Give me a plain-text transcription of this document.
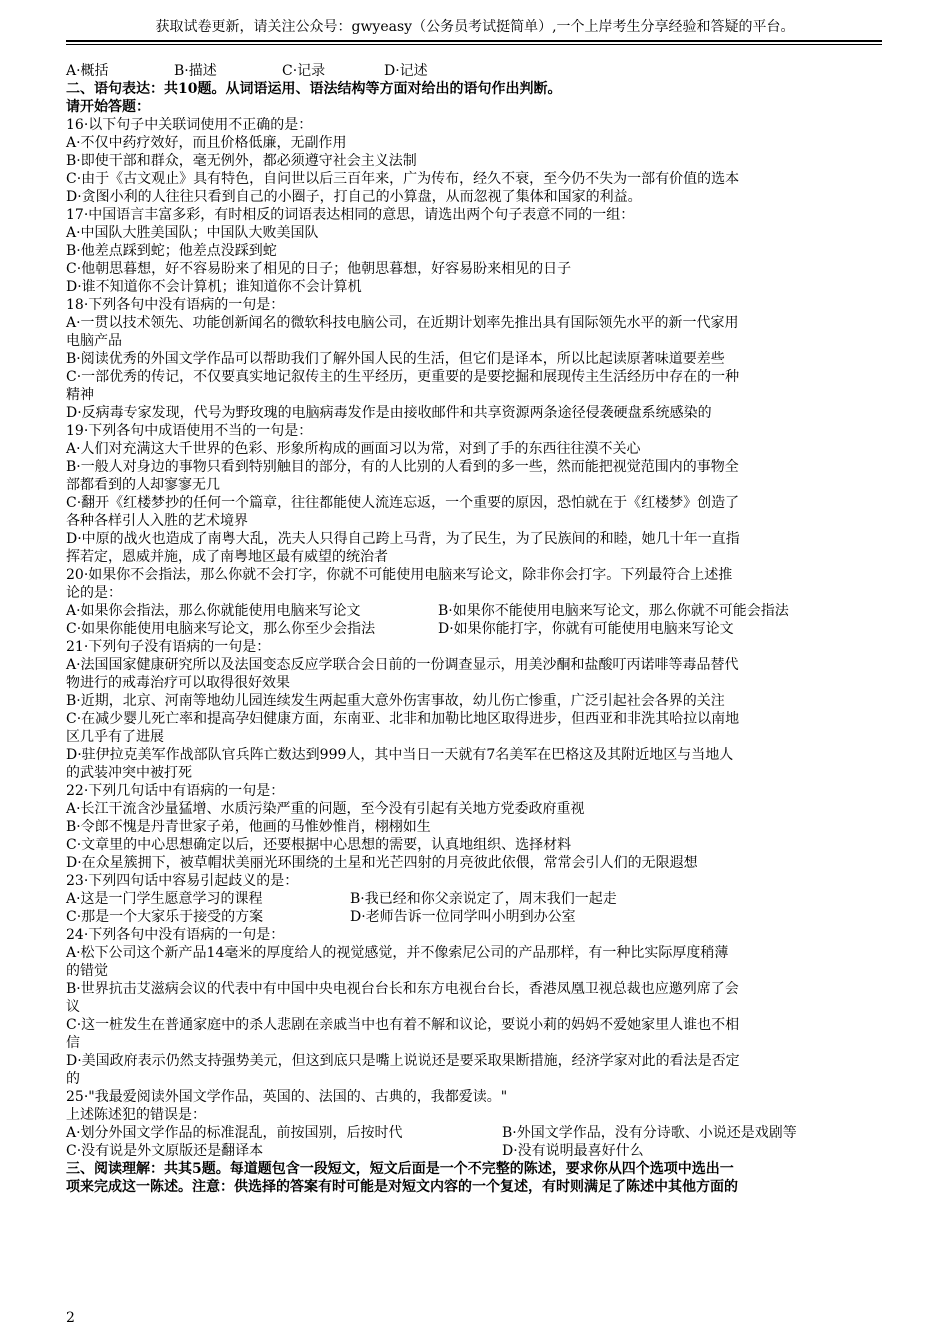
获取试卷更新，请关注公众号：gwyeasy（公务员考试挺简单）,一个上岸考生分享经验和答疑的平台。
A·概括	B·描述	C·记录	D·记述
二、语句表达：共10题。从词语运用、语法结构等方面对给出的语句作出判断。
请开始答题：
16·以下句子中关联词使用不正确的是：
A·不仅中药疗效好，而且价格低廉，无副作用
B·即使干部和群众，毫无例外，都必须遵守社会主义法制
C·由于《古文观止》具有特色，自问世以后三百年来，广为传布，经久不衰，至今仍不失为一部有价值的选本
D·贪图小利的人往往只看到自己的小圈子，打自己的小算盘，从而忽视了集体和国家的利益。
17·中国语言丰富多彩，有时相反的词语表达相同的意思，请选出两个句子表意不同的一组：
A·中国队大胜美国队；中国队大败美国队
B·他差点踩到蛇；他差点没踩到蛇
C·他朝思暮想，好不容易盼来了相见的日子；他朝思暮想，好容易盼来相见的日子
D·谁不知道你不会计算机；谁知道你不会计算机
18·下列各句中没有语病的一句是：
A·一贯以技术领先、功能创新闻名的微软科技电脑公司，在近期计划率先推出具有国际领先水平的新一代家用
电脑产品
B·阅读优秀的外国文学作品可以帮助我们了解外国人民的生活，但它们是译本，所以比起读原著味道要差些
C·一部优秀的传记，不仅要真实地记叙传主的生平经历，更重要的是要挖掘和展现传主生活经历中存在的一种
精神
D·反病毒专家发现，代号为野玫瑰的电脑病毒发作是由接收邮件和共享资源两条途径侵袭硬盘系统感染的
19·下列各句中成语使用不当的一句是：
A·人们对充满这大千世界的色彩、形象所构成的画面习以为常，对到了手的东西往往漠不关心
B·一般人对身边的事物只看到特别触目的部分，有的人比别的人看到的多一些，然而能把视觉范围内的事物全
部都看到的人却寥寥无几
C·翻开《红楼梦抄的任何一个篇章，往往都能使人流连忘返，一个重要的原因，恐怕就在于《红楼梦》创造了
各种各样引人入胜的艺术境界
D·中原的战火也造成了南粤大乱，冼夫人只得自己跨上马背，为了民生，为了民族间的和睦，她几十年一直指
挥若定，恩威并施，成了南粤地区最有威望的统治者
20·如果你不会指法，那么你就不会打字，你就不可能使用电脑来写论文，除非你会打字。下列最符合上述推
论的是：
A·如果你会指法，那么你就能使用电脑来写论文	B·如果你不能使用电脑来写论文，那么你就不可能会指法
C·如果你能使用电脑来写论文，那么你至少会指法	D·如果你能打字，你就有可能使用电脑来写论文
21·下列句子没有语病的一句是：
A·法国国家健康研究所以及法国变态反应学联合会日前的一份调查显示，用美沙酮和盐酸叮丙诺啡等毒品替代
物进行的戒毒治疗可以取得很好效果
B·近期，北京、河南等地幼儿园连续发生两起重大意外伤害事故，幼儿伤亡惨重，广泛引起社会各界的关注
C·在减少婴儿死亡率和提高孕妇健康方面，东南亚、北非和加勒比地区取得进步，但西亚和非洗其哈拉以南地
区几乎有了进展
D·驻伊拉克美军作战部队官兵阵亡数达到999人，其中当日一天就有7名美军在巴格这及其附近地区与当地人
的武装冲突中被打死
22·下列几句话中有语病的一句是：
A·长江干流含沙量猛增、水质污染严重的问题，至今没有引起有关地方党委政府重视
B·令郎不愧是丹青世家子弟，他画的马惟妙惟肖，栩栩如生
C·文章里的中心思想确定以后，还要根据中心思想的需要，认真地组织、选择材料
D·在众星簇拥下，被草帽状美丽光环围绕的土星和光芒四射的月亮彼此依偎，常常会引人们的无限遐想
23·下列四句话中容易引起歧义的是：
A·这是一门学生愿意学习的课程	B·我已经和你父亲说定了，周末我们一起走
C·那是一个大家乐于接受的方案	D·老师告诉一位同学叫小明到办公室
24·下列各句中没有语病的一句是：
A·松下公司这个新产品14毫米的厚度给人的视觉感觉，并不像索尼公司的产品那样，有一种比实际厚度稍薄
的错觉
B·世界抗击艾滋病会议的代表中有中国中央电视台台长和东方电视台台长，香港凤凰卫视总裁也应邀列席了会
议
C·这一桩发生在普通家庭中的杀人悲剧在亲戚当中也有着不解和议论，要说小莉的妈妈不爱她家里人谁也不相
信
D·美国政府表示仍然支持强势美元，但这到底只是嘴上说说还是要采取果断措施，经济学家对此的看法是否定
的
25·"我最爱阅读外国文学作品，英国的、法国的、古典的，我都爱读。"
上述陈述犯的错误是：
A·划分外国文学作品的标准混乱，前按国别，后按时代	B·外国文学作品，没有分诗歌、小说还是戏剧等
C·没有说是外文原版还是翻译本	D·没有说明最喜好什么
三、阅读理解：共其5题。每道题包含一段短文，短文后面是一个不完整的陈述，要求你从四个选项中选出一
项来完成这一陈述。注意：供选择的答案有时可能是对短文内容的一个复述，有时则满足了陈述中其他方面的
2
